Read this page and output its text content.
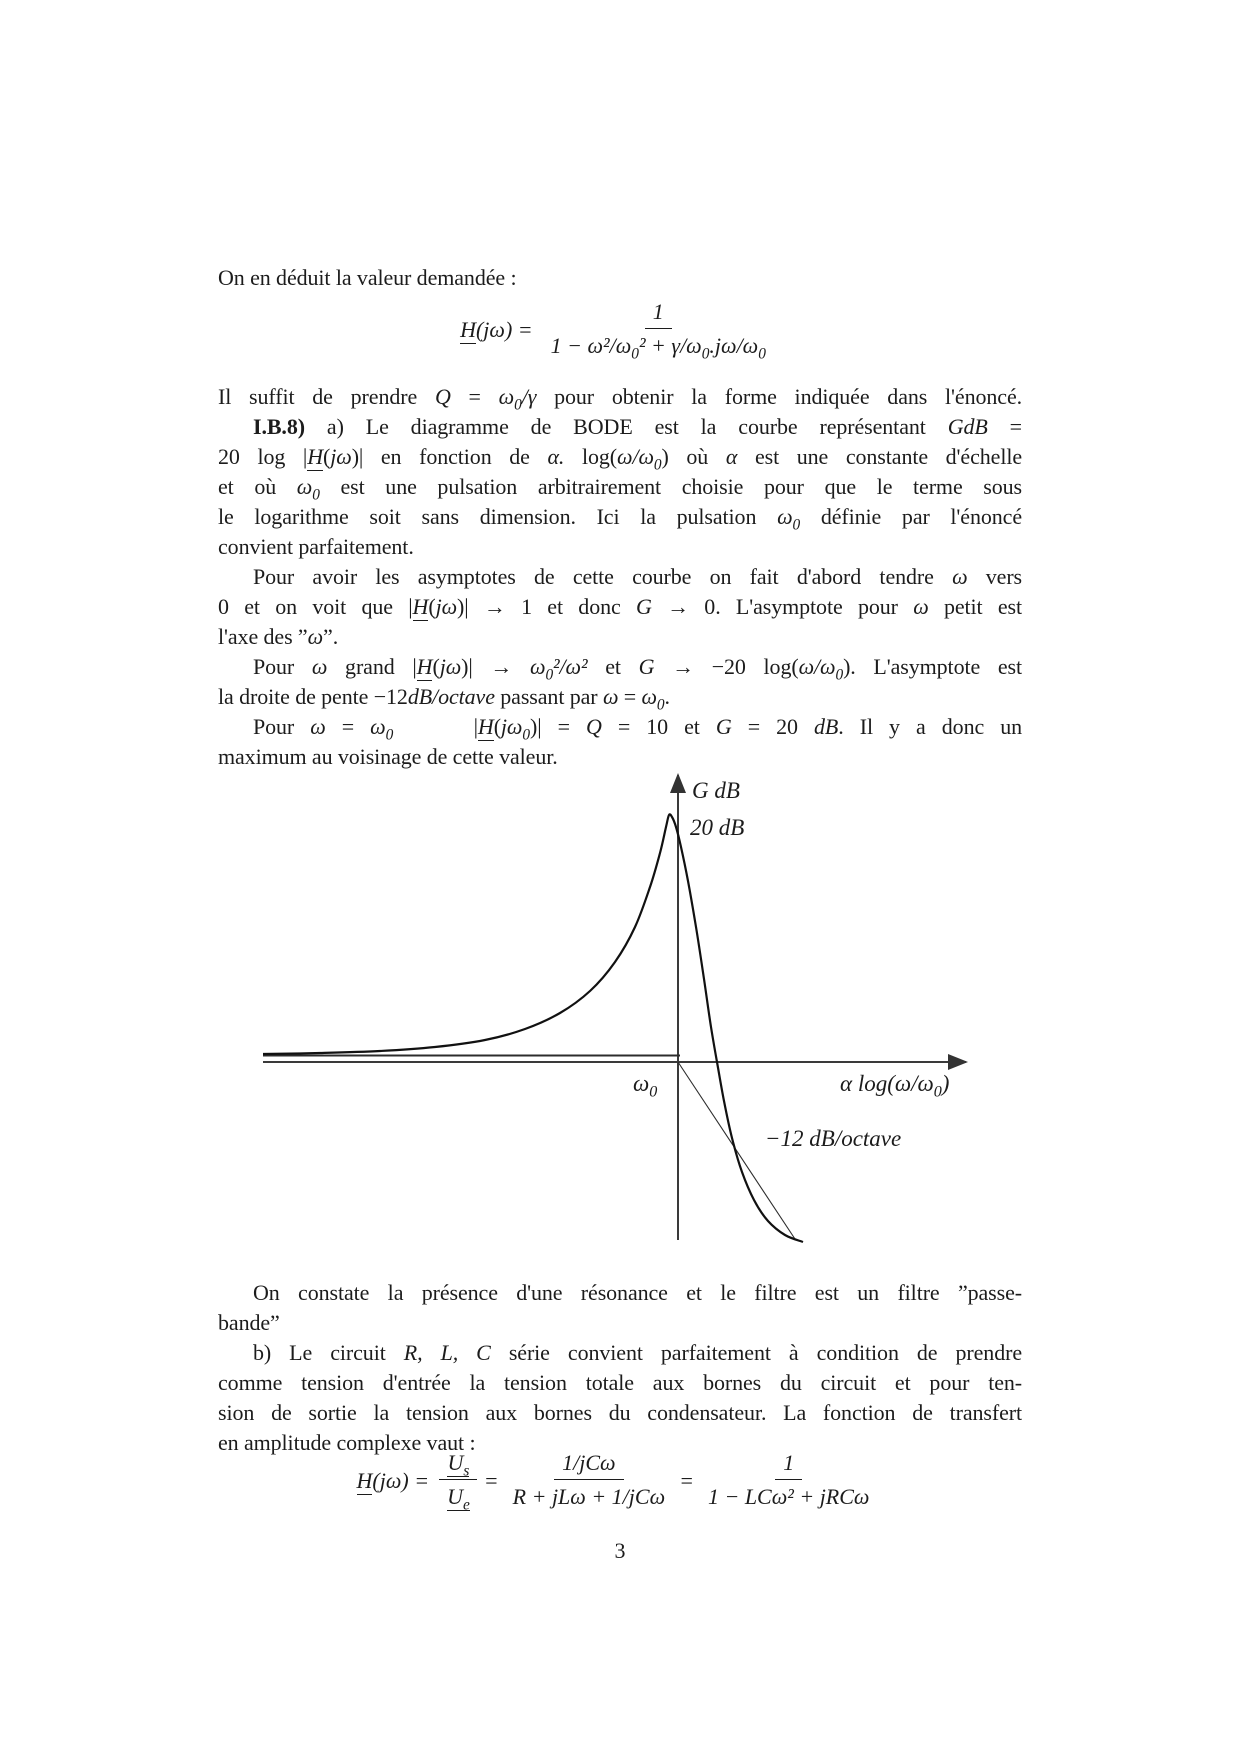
On en déduit la valeur demandée :
$H(j\omega) = \frac{1}{1 - \omega^2/\omega_0^2 + \gamma/\omega_0.j\omega/\omega_0}$
Il suffit de prendre $Q = \omega_0/\gamma$ pour obtenir la forme indiquée dans l'énoncé.
I.B.8) a) Le diagramme de BODE est la courbe représentant GdB =
20 log |H(jω)| en fonction de α. $\log(\omega/\omega_0)$ où α est une constante d'échelle
et où $\omega_0$ est une pulsation arbitrairement choisie pour que le terme sous
le logarithme soit sans dimension. Ici la pulsation $\omega_0$ définie par l'énoncé
convient parfaitement.
Pour avoir les asymptotes de cette courbe on fait d'abord tendre ω vers
0 et on voit que |H(jω)| → 1 et donc G → 0. L'asymptote pour ω petit est
l'axe des ”ω”.
Pour ω grand $|H(j\omega)| \to \omega_0^2/\omega^2$ et G → −20 $\log(\omega/\omega_0)$. L'asymptote est
la droite de pente −12dB/octave passant par $\omega = \omega_0$.
Pour $\omega = \omega_0$     $|H(j\omega_0)| = Q = 10$ et G = 20 dB. Il y a donc un
maximum au voisinage de cette valeur.
G dB
20 dB
$\omega_0$	α $\log(\omega/\omega_0)$
−12 dB/octave
On constate la présence d'une résonance et le filtre est un filtre ”passe-
bande”
b) Le circuit R, L, C série convient parfaitement à condition de prendre
comme tension d'entrée la tension totale aux bornes du circuit et pour ten-
sion de sortie la tension aux bornes du condensateur. La fonction de transfert
en amplitude complexe vaut :
$H(j\omega) = \frac{U_s}{U_e} = \frac{\text{1/jCω}}{\text{R + jLω + 1/jCω}} = \frac{1}{\text{1 − LCω² + jRCω}}$
3
